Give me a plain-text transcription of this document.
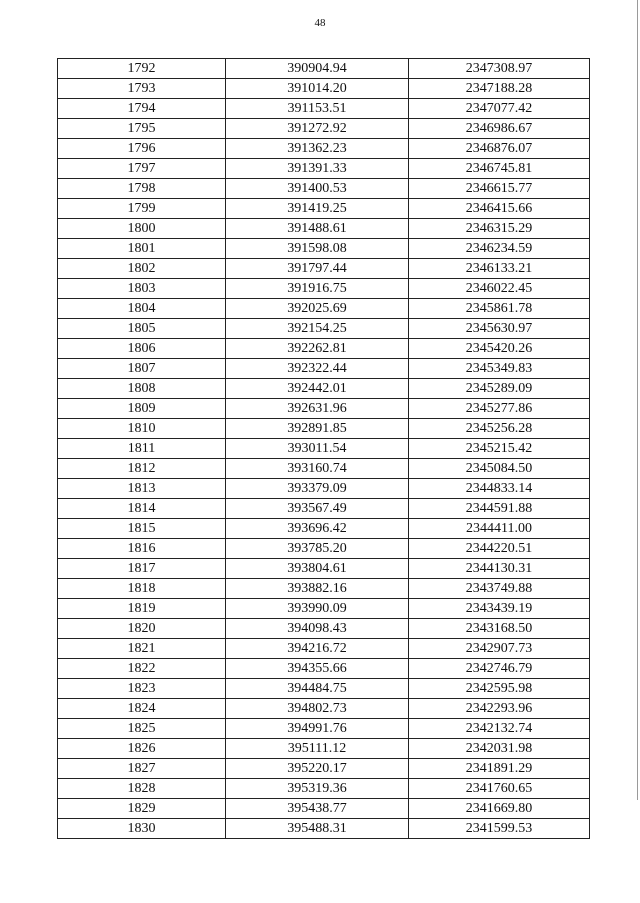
48
1792	390904.94	2347308.97
1793	391014.20	2347188.28
1794	391153.51	2347077.42
1795	391272.92	2346986.67
1796	391362.23	2346876.07
1797	391391.33	2346745.81
1798	391400.53	2346615.77
1799	391419.25	2346415.66
1800	391488.61	2346315.29
1801	391598.08	2346234.59
1802	391797.44	2346133.21
1803	391916.75	2346022.45
1804	392025.69	2345861.78
1805	392154.25	2345630.97
1806	392262.81	2345420.26
1807	392322.44	2345349.83
1808	392442.01	2345289.09
1809	392631.96	2345277.86
1810	392891.85	2345256.28
1811	393011.54	2345215.42
1812	393160.74	2345084.50
1813	393379.09	2344833.14
1814	393567.49	2344591.88
1815	393696.42	2344411.00
1816	393785.20	2344220.51
1817	393804.61	2344130.31
1818	393882.16	2343749.88
1819	393990.09	2343439.19
1820	394098.43	2343168.50
1821	394216.72	2342907.73
1822	394355.66	2342746.79
1823	394484.75	2342595.98
1824	394802.73	2342293.96
1825	394991.76	2342132.74
1826	395111.12	2342031.98
1827	395220.17	2341891.29
1828	395319.36	2341760.65
1829	395438.77	2341669.80
1830	395488.31	2341599.53
